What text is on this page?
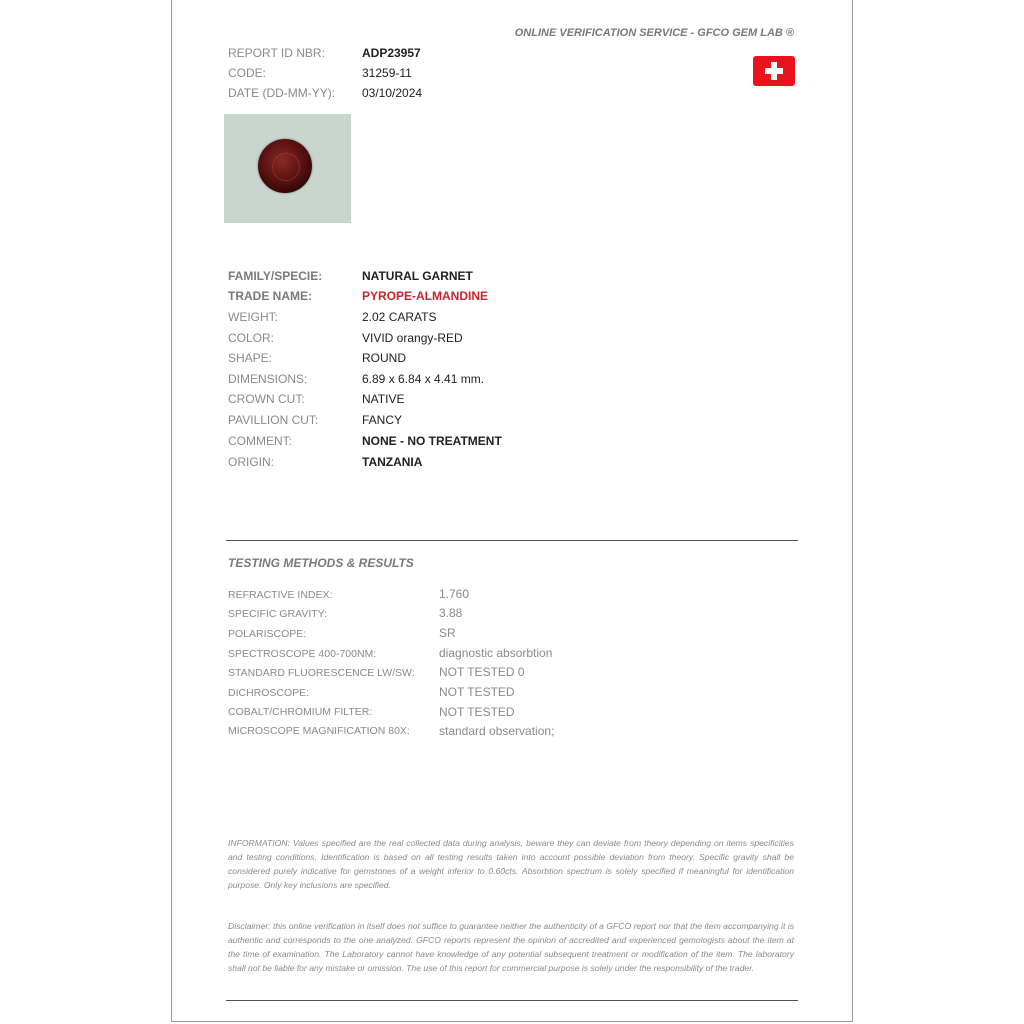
ONLINE VERIFICATION SERVICE - GFCO GEM LAB ®
REPORT ID NBR:	ADP23957
CODE:	31259-11
DATE (DD-MM-YY): 03/10/2024
FAMILY/SPECIE:	NATURAL GARNET
TRADE NAME:	PYROPE-ALMANDINE
WEIGHT:	2.02 CARATS
COLOR:	VIVID orangy-RED
SHAPE:	ROUND
DIMENSIONS:	6.89 x 6.84 x 4.41 mm.
CROWN CUT:	NATIVE
PAVILLION CUT:	FANCY
COMMENT:	NONE - NO TREATMENT
ORIGIN:	TANZANIA
TESTING METHODS & RESULTS
REFRACTIVE INDEX:	1.760
SPECIFIC GRAVITY:	3.88
POLARISCOPE:	SR
SPECTROSCOPE 400-700NM:	diagnostic absorbtion
STANDARD FLUORESCENCE LW/SW: NOT TESTED 0
DICHROSCOPE:	NOT TESTED
COBALT/CHROMIUM FILTER:	NOT TESTED
MICROSCOPE MAGNIFICATION 80X: standard observation;
INFORMATION: Values specified are the real collected data during analysis, beware they can deviate from theory depending on items specificities and testing conditions. Identification is based on all testing results taken into account possible deviation from theory. Specific gravity shall be considered purely indicative for gemstones of a weight inferior to 0.60cts. Absorbtion spectrum is solely specified if meaningful for identification purpose. Only key inclusions are specified.
Disclaimer: this online verification in itself does not suffice to guarantee neither the authenticity of a GFCO report nor that the item accompanying it is authentic and corresponds to the one analyzed. GFCO reports represent the opinion of accredited and experienced gemologists about the item at the time of examination. The Laboratory cannot have knowledge of any potential subsequent treatment or modification of the item. The laboratory shall not be liable for any mistake or omission. The use of this report for commercial purpose is solely under the responsibility of the trader.
